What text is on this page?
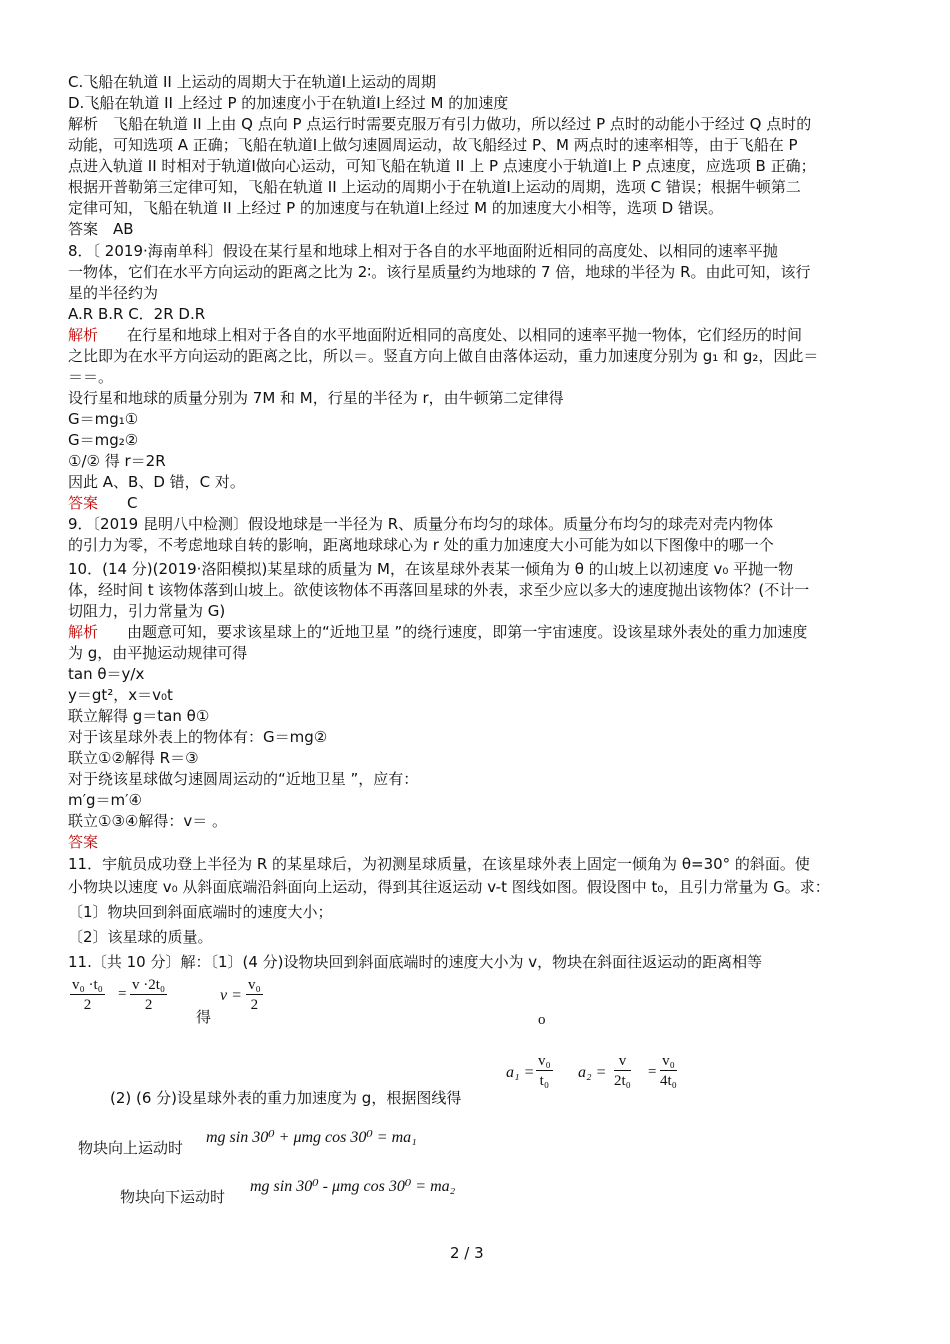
C.飞船在轨道 II 上运动的周期大于在轨道Ⅰ上运动的周期
D.飞船在轨道 II 上经过 P 的加速度小于在轨道Ⅰ上经过 M 的加速度
解析　飞船在轨道 II 上由 Q 点向 P 点运行时需要克服万有引力做功，所以经过 P 点时的动能小于经过 Q 点时的
动能，可知选项 A 正确；飞船在轨道Ⅰ上做匀速圆周运动，故飞船经过 P、M 两点时的速率相等，由于飞船在 P
点进入轨道 II 时相对于轨道Ⅰ做向心运动，可知飞船在轨道 II 上 P 点速度小于轨道Ⅰ上 P 点速度，应选项 B 正确；
根据开普勒第三定律可知，飞船在轨道 II 上运动的周期小于在轨道Ⅰ上运动的周期，选项 C 错误；根据牛顿第二
定律可知，飞船在轨道 II 上经过 P 的加速度与在轨道Ⅰ上经过 M 的加速度大小相等，选项 D 错误。
答案　AB
8．〔 2019·海南单科〕假设在某行星和地球上相对于各自的水平地面附近相同的高度处、以相同的速率平抛
一物体，它们在水平方向运动的距离之比为 2∶。该行星质量约为地球的 7 倍，地球的半径为 R。由此可知，该行
星的半径约为
A.R B.R C．2R D.R
解析 　在行星和地球上相对于各自的水平地面附近相同的高度处、以相同的速率平抛一物体，它们经历的时间
之比即为在水平方向运动的距离之比，所以＝。竖直方向上做自由落体运动，重力加速度分别为 g₁ 和 g₂，因此＝
＝＝。
设行星和地球的质量分别为 7M 和 M，行星的半径为 r，由牛顿第二定律得
G＝mg₁①
G＝mg₂②
①/② 得 r＝2R
因此 A、B、D 错，C 对。
答案 　C
9．〔2019 昆明八中检测〕假设地球是一半径为 R、质量分布均匀的球体。质量分布均匀的球壳对壳内物体
的引力为零，不考虑地球自转的影响，距离地球球心为 r 处的重力加速度大小可能为如以下图像中的哪一个
10．(14 分)(2019·洛阳模拟)某星球的质量为 M，在该星球外表某一倾角为 θ 的山坡上以初速度 v₀ 平抛一物
体，经时间 t 该物体落到山坡上。欲使该物体不再落回星球的外表，求至少应以多大的速度抛出该物体？(不计一
切阻力，引力常量为 G)
解析 　由题意可知，要求该星球上的“近地卫星 ”的绕行速度，即第一宇宙速度。设该星球外表处的重力加速度
为 g，由平抛运动规律可得
tan θ＝y/x
y＝gt²，x＝v₀t
联立解得 g＝tan θ①
对于该星球外表上的物体有：G＝mg②
联立①②解得 R＝③
对于绕该星球做匀速圆周运动的“近地卫星 ”，应有：
m′g＝m′④
联立①③④解得：v＝ 。
答案
11．宇航员成功登上半径为 R 的某星球后，为初测星球质量，在该星球外表上固定一倾角为 θ=30° 的斜面。使
小物块以速度 v₀ 从斜面底端沿斜面向上运动，得到其往返运动 v-t 图线如图。假设图中 t₀，且引力常量为 G。求：
〔1〕物块回到斜面底端时的速度大小；
〔2〕该星球的质量。
11.〔共 10 分〕解：〔1〕(4 分)设物块回到斜面底端时的速度大小为 v，物块在斜面往返运动的距离相等
$\frac{\text{v₀ ·t₀}}{2} = \frac{\text{v ·2t₀}}{2}$
得
$v = \frac{\text{v₀}}{2}$
o
(2) (6 分)设星球外表的重力加速度为 g，根据图线得
$a_1 = \frac{\text{v₀}}{\text{t₀}} a_2 = \frac{v}{\text{2t₀}} = \frac{\text{v₀}}{\text{4t₀}}$
物块向上运动时
mg sin 30⁰ + μmg cos 30⁰ = ma₁
物块向下运动时
mg sin 30⁰ - μmg cos 30⁰ = ma₂
2 / 3
